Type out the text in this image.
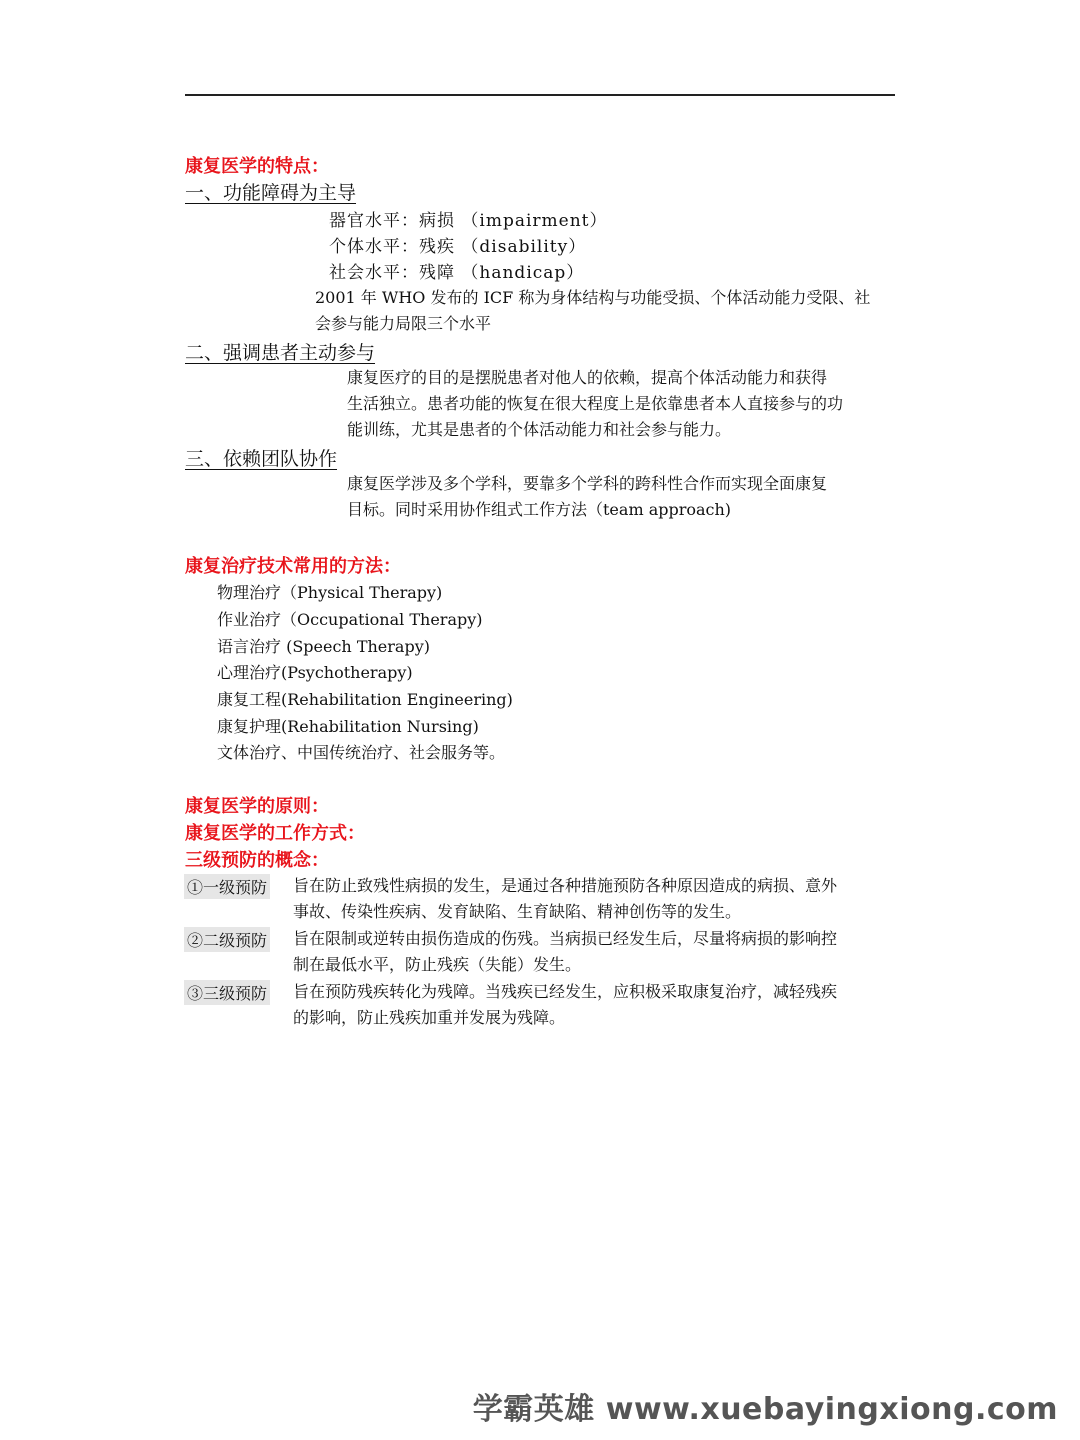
康复医学的特点：
一、功能障碍为主导
器官水平：病损 （impairment）
个体水平：残疾 （disability）
社会水平：残障 （handicap）
2001 年 WHO 发布的 ICF 称为身体结构与功能受损、个体活动能力受限、社
会参与能力局限三个水平
二、强调患者主动参与
康复医疗的目的是摆脱患者对他人的依赖，提高个体活动能力和获得
生活独立。患者功能的恢复在很大程度上是依靠患者本人直接参与的功
能训练，尤其是患者的个体活动能力和社会参与能力。
三、依赖团队协作
康复医学涉及多个学科，要靠多个学科的跨科性合作而实现全面康复
目标。同时采用协作组式工作方法（team approach)
康复治疗技术常用的方法：
物理治疗（Physical Therapy)
作业治疗（Occupational Therapy)
语言治疗 (Speech Therapy)
心理治疗(Psychotherapy)
康复工程(Rehabilitation Engineering)
康复护理(Rehabilitation Nursing)
文体治疗、中国传统治疗、社会服务等。
康复医学的原则：
康复医学的工作方式：
三级预防的概念：
①一级预防 旨在防止致残性病损的发生，是通过各种措施预防各种原因造成的病损、意外
事故、传染性疾病、发育缺陷、生育缺陷、精神创伤等的发生。
②二级预防 旨在限制或逆转由损伤造成的伤残。当病损已经发生后，尽量将病损的影响控
制在最低水平，防止残疾（失能）发生。
③三级预防 旨在预防残疾转化为残障。当残疾已经发生，应积极采取康复治疗，减轻残疾
的影响，防止残疾加重并发展为残障。
学霸英雄 www.xuebayingxiong.com
